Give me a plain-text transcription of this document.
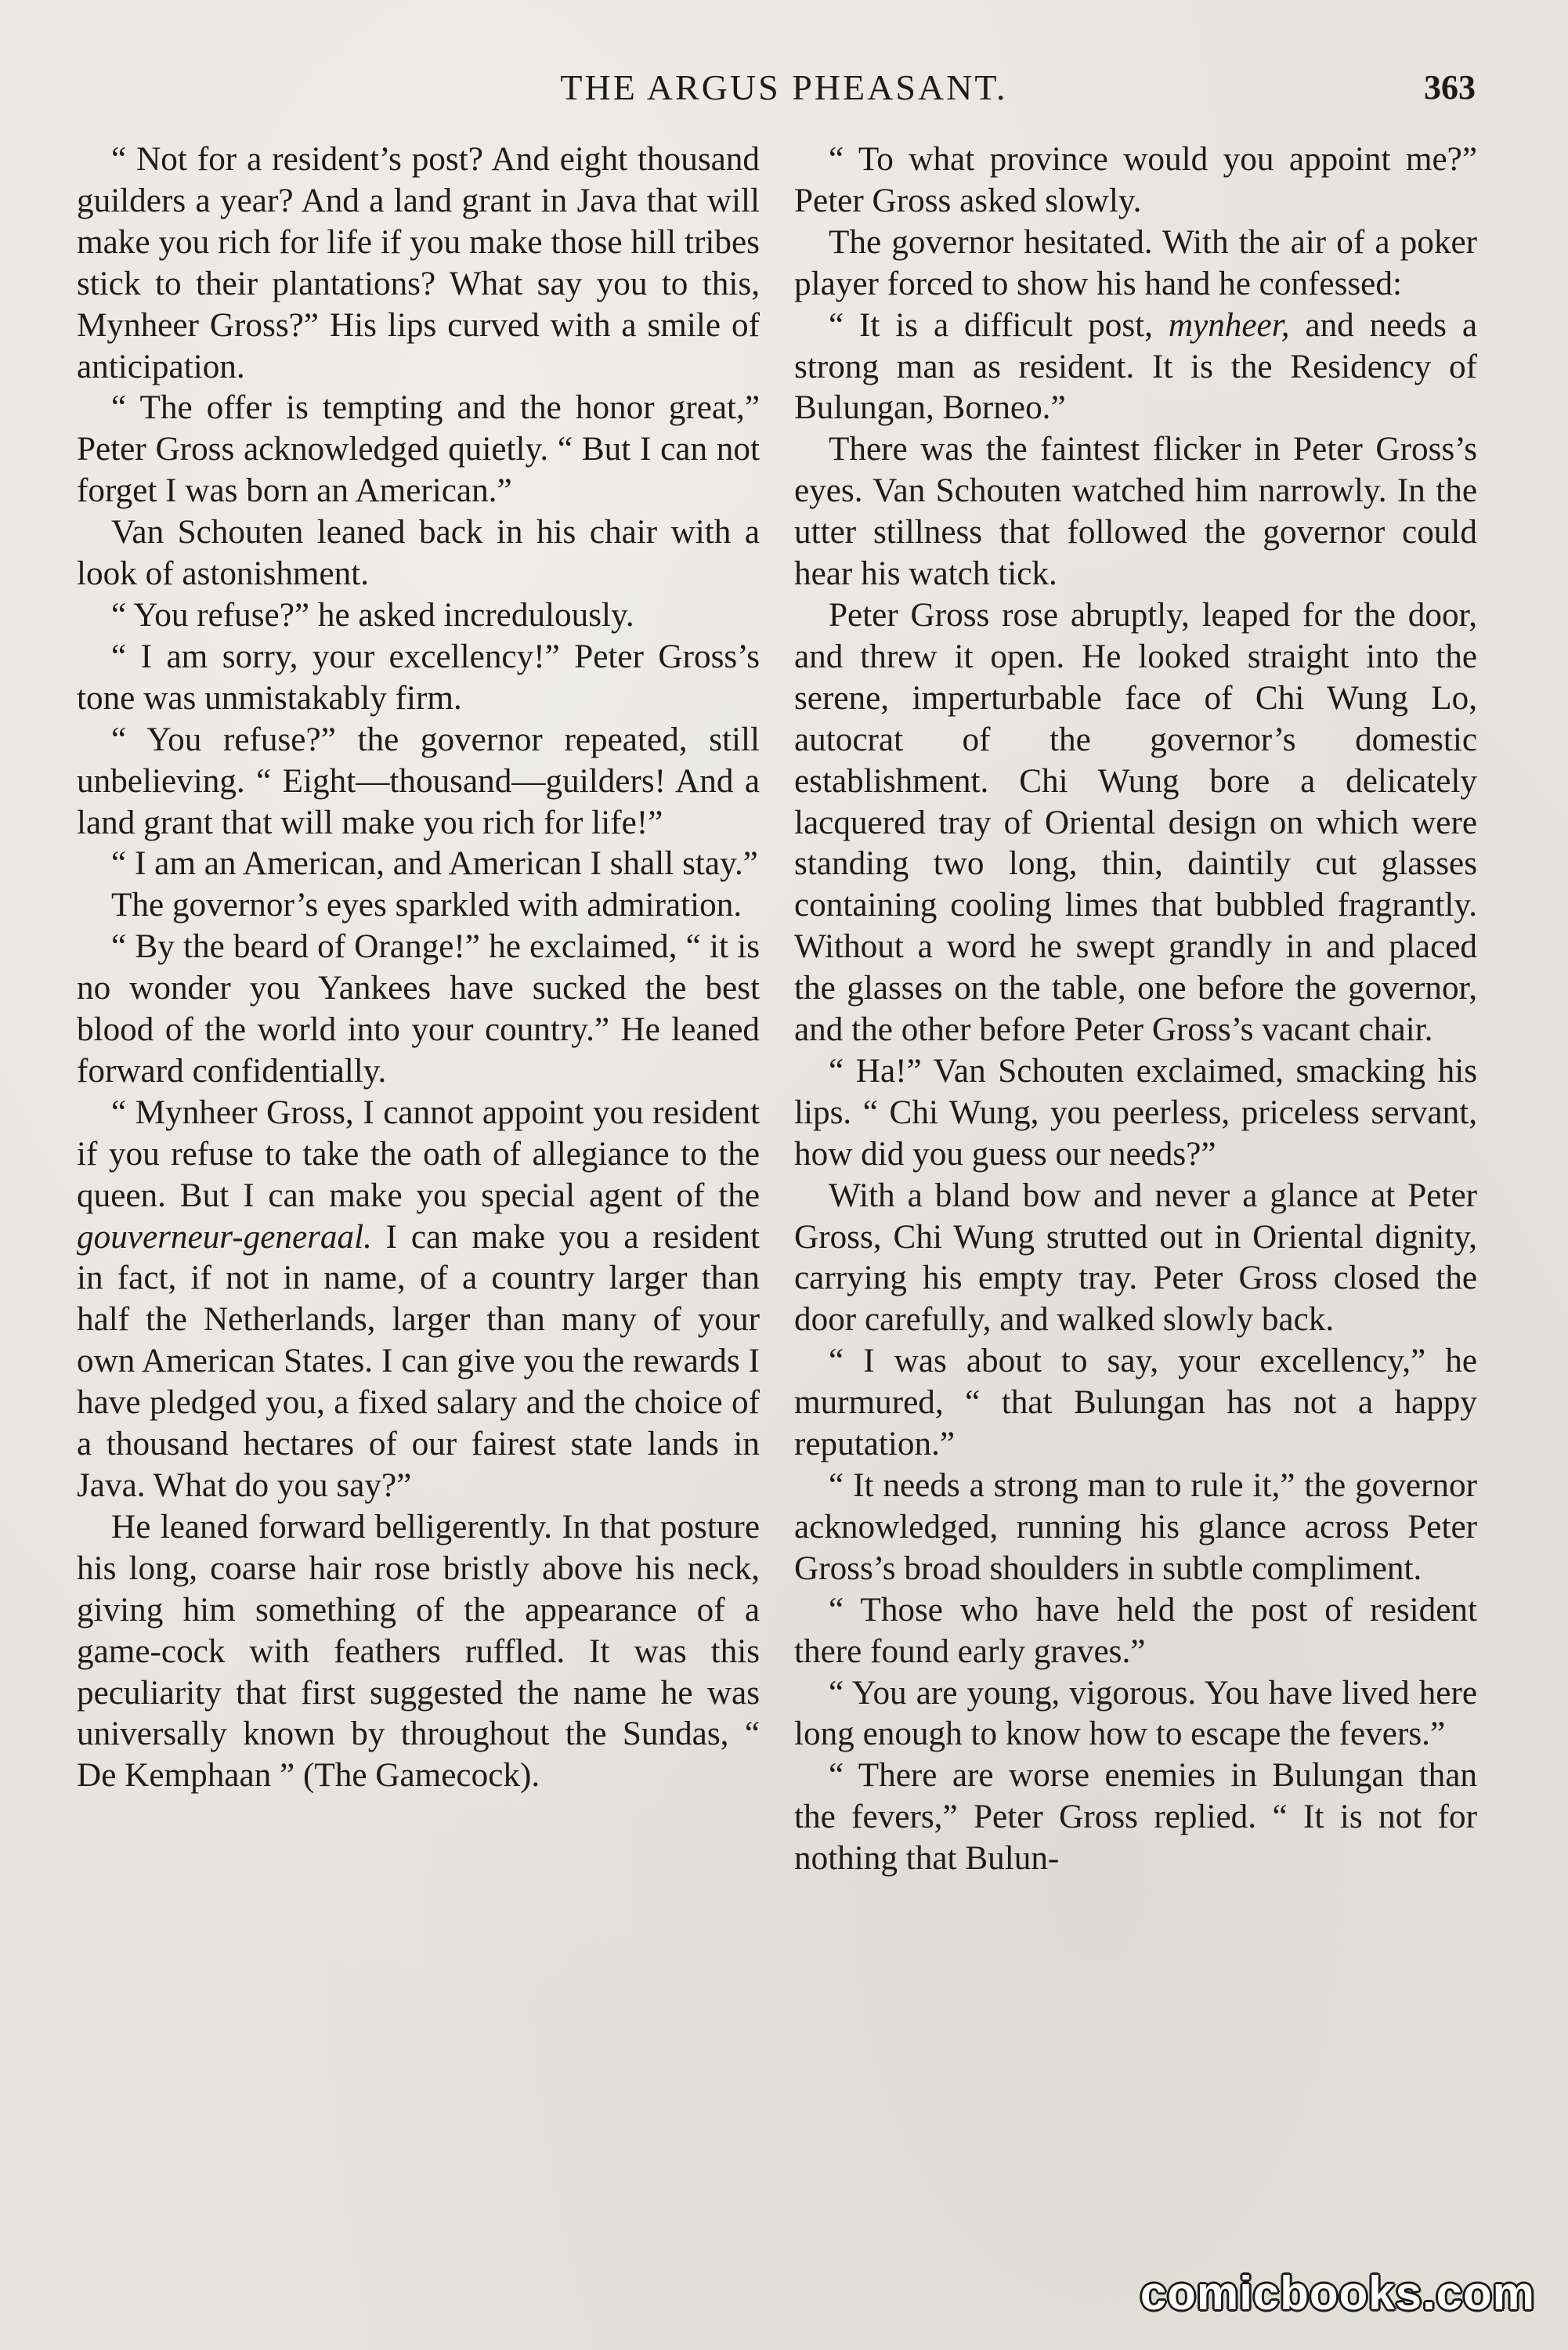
THE ARGUS PHEASANT.	363

“ Not for a resident’s post? And eight thousand guilders a year? And a land grant in Java that will make you rich for life if you make those hill tribes stick to their plantations? What say you to this, Mynheer Gross?” His lips curved with a smile of anticipation.

“ The offer is tempting and the honor great,” Peter Gross acknowledged quietly. “ But I can not forget I was born an American.”

Van Schouten leaned back in his chair with a look of astonishment.

“ You refuse?” he asked incredulously.

“ I am sorry, your excellency!” Peter Gross’s tone was unmistakably firm.

“ You refuse?” the governor repeated, still unbelieving. “ Eight—thousand—guilders! And a land grant that will make you rich for life!”

“ I am an American, and American I shall stay.”

The governor’s eyes sparkled with admiration.

“ By the beard of Orange!” he exclaimed, “ it is no wonder you Yankees have sucked the best blood of the world into your country.” He leaned forward confidentially.

“ Mynheer Gross, I cannot appoint you resident if you refuse to take the oath of allegiance to the queen. But I can make you special agent of the gouverneur-generaal. I can make you a resident in fact, if not in name, of a country larger than half the Netherlands, larger than many of your own American States. I can give you the rewards I have pledged you, a fixed salary and the choice of a thousand hectares of our fairest state lands in Java. What do you say?”

He leaned forward belligerently. In that posture his long, coarse hair rose bristly above his neck, giving him something of the appearance of a game-cock with feathers ruffled. It was this peculiarity that first suggested the name he was universally known by throughout the Sundas, “ De Kemphaan ” (The Gamecock).

“ To what province would you appoint me?” Peter Gross asked slowly.

The governor hesitated. With the air of a poker player forced to show his hand he confessed:

“ It is a difficult post, mynheer, and needs a strong man as resident. It is the Residency of Bulungan, Borneo.”

There was the faintest flicker in Peter Gross’s eyes. Van Schouten watched him narrowly. In the utter stillness that followed the governor could hear his watch tick.

Peter Gross rose abruptly, leaped for the door, and threw it open. He looked straight into the serene, imperturbable face of Chi Wung Lo, autocrat of the governor’s domestic establishment. Chi Wung bore a delicately lacquered tray of Oriental design on which were standing two long, thin, daintily cut glasses containing cooling limes that bubbled fragrantly. Without a word he swept grandly in and placed the glasses on the table, one before the governor, and the other before Peter Gross’s vacant chair.

“ Ha!” Van Schouten exclaimed, smacking his lips. “ Chi Wung, you peerless, priceless servant, how did you guess our needs?”

With a bland bow and never a glance at Peter Gross, Chi Wung strutted out in Oriental dignity, carrying his empty tray. Peter Gross closed the door carefully, and walked slowly back.

“ I was about to say, your excellency,” he murmured, “ that Bulungan has not a happy reputation.”

“ It needs a strong man to rule it,” the governor acknowledged, running his glance across Peter Gross’s broad shoulders in subtle compliment.

“ Those who have held the post of resident there found early graves.”

“ You are young, vigorous. You have lived here long enough to know how to escape the fevers.”

“ There are worse enemies in Bulungan than the fevers,” Peter Gross replied. “ It is not for nothing that Bulun-

comicbooks.com
